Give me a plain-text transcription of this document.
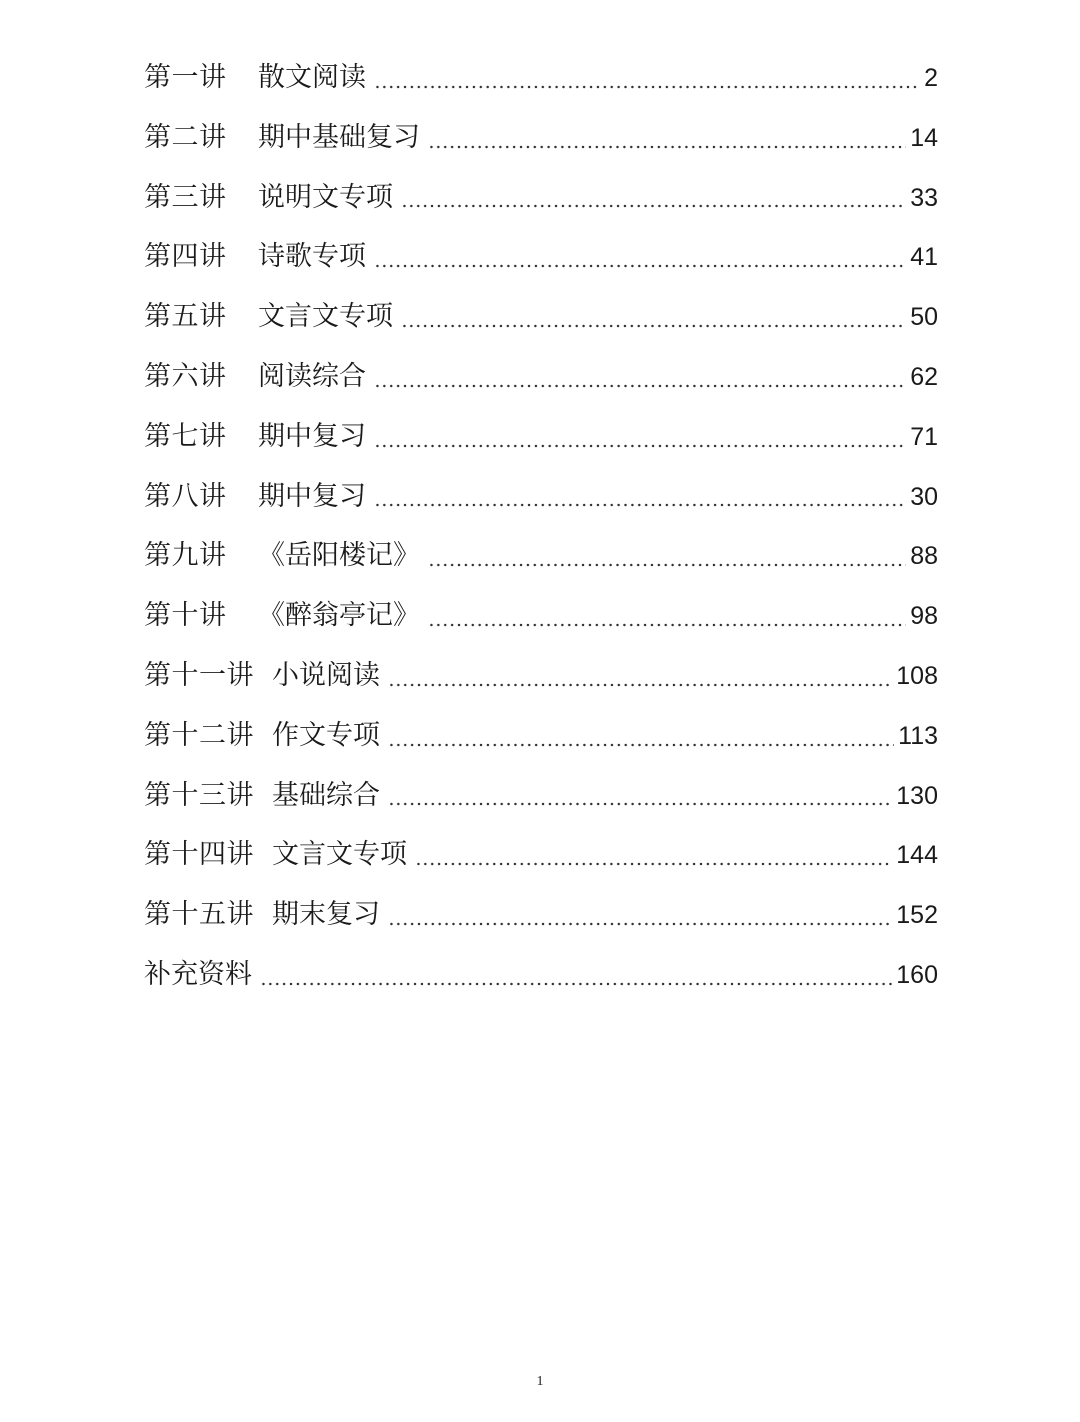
第一讲	散文阅读	2
第二讲	期中基础复习	14
第三讲	说明文专项	33
第四讲	诗歌专项	41
第五讲	文言文专项	50
第六讲	阅读综合	62
第七讲	期中复习	71
第八讲	期中复习	30
第九讲	《岳阳楼记》	88
第十讲	《醉翁亭记》	98
第十一讲 小说阅读	108
第十二讲 作文专项	113
第十三讲 基础综合	130
第十四讲 文言文专项	144
第十五讲 期末复习	152
补充资料	160
1
